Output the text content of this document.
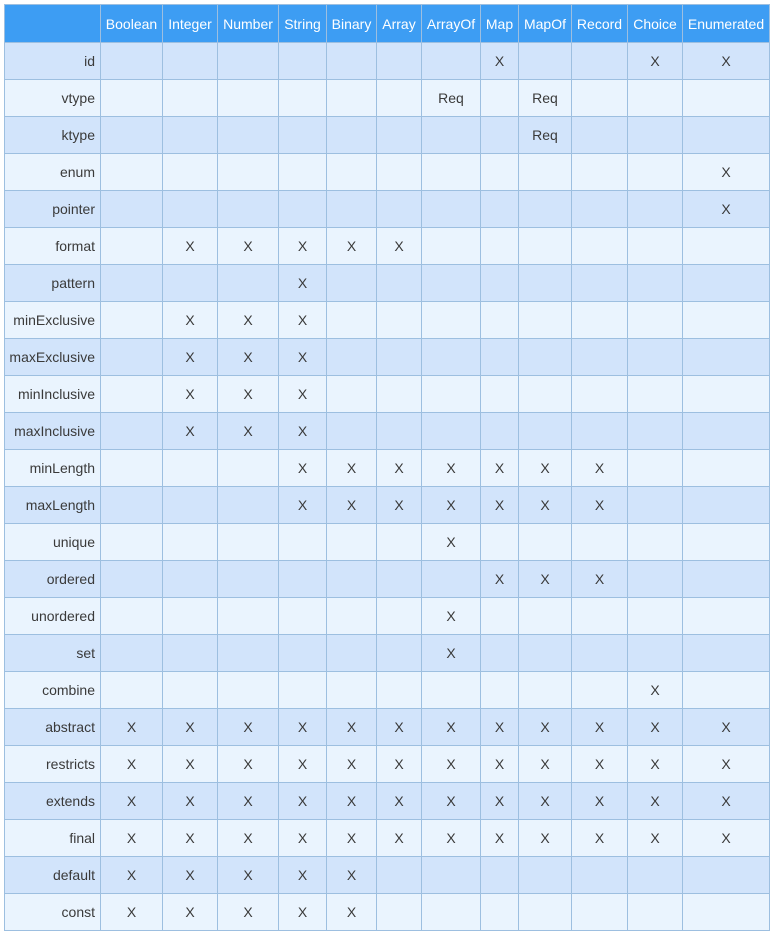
	Boolean	Integer	Number	String	Binary	Array	ArrayOf	Map	MapOf	Record	Choice	Enumerated
id								X			X	X
vtype							Req		Req			
ktype									Req			
enum												X
pointer												X
format		X	X	X	X	X						
pattern				X								
minExclusive		X	X	X								
maxExclusive		X	X	X								
minInclusive		X	X	X								
maxInclusive		X	X	X								
minLength				X	X	X	X	X	X	X		
maxLength				X	X	X	X	X	X	X		
unique							X					
ordered								X	X	X		
unordered							X					
set							X					
combine											X	
abstract	X	X	X	X	X	X	X	X	X	X	X	X
restricts	X	X	X	X	X	X	X	X	X	X	X	X
extends	X	X	X	X	X	X	X	X	X	X	X	X
final	X	X	X	X	X	X	X	X	X	X	X	X
default	X	X	X	X	X							
const	X	X	X	X	X							
